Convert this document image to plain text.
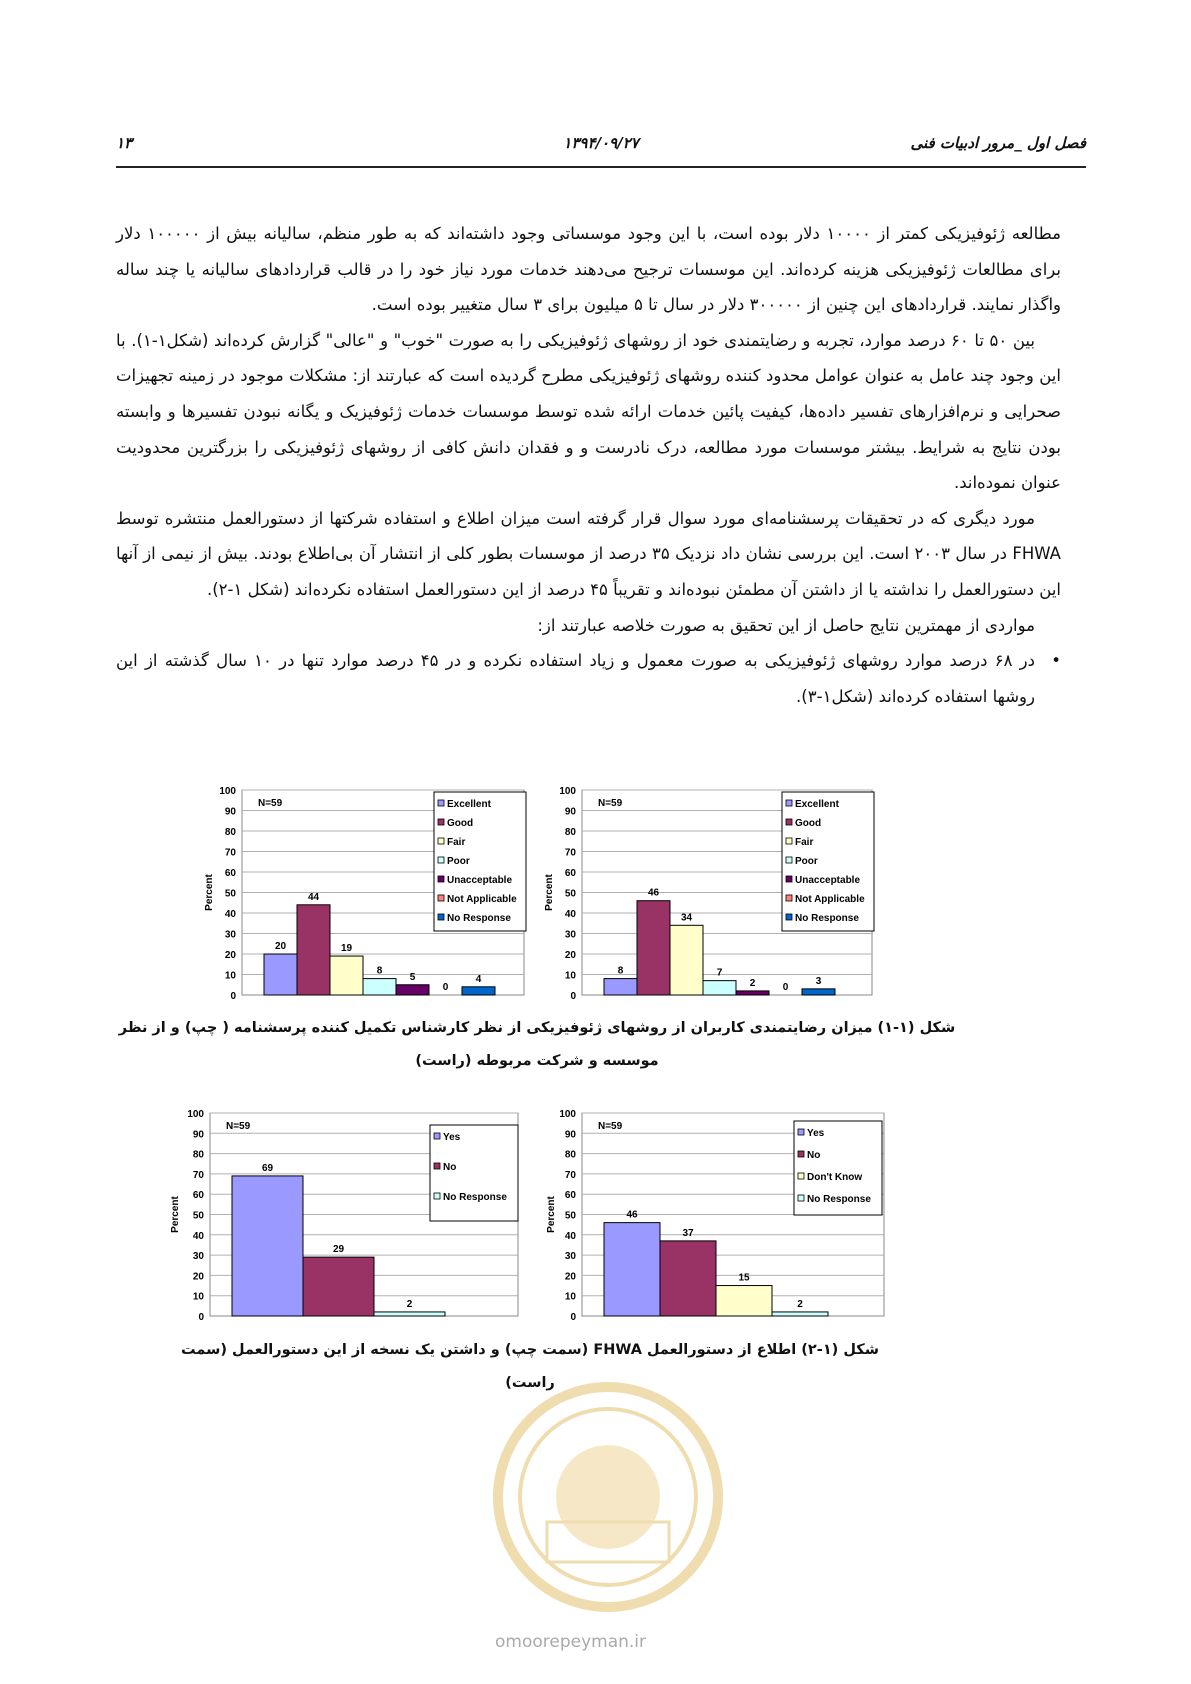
فصل اول _مرور ادبیات فنی
۱۳۹۴/۰۹/۲۷
۱۳

مطالعه ژئوفیزیکی کمتر از ۱۰۰۰۰ دلار بوده است، با این وجود موسساتی وجود داشته‌اند که به طور منظم، سالیانه بیش از ۱۰۰۰۰۰ دلار برای مطالعات ژئوفیزیکی هزینه کرده‌اند. این موسسات ترجیح می‌دهند خدمات مورد نیاز خود را در قالب قراردادهای سالیانه یا چند ساله واگذار نمایند. قراردادهای این چنین از ۳۰۰۰۰۰ دلار در سال تا ۵ میلیون برای ۳ سال متغییر بوده است.

بین ۵۰ تا ۶۰ درصد موارد، تجربه و رضایتمندی خود از روشهای ژئوفیزیکی را به صورت "خوب" و "عالی" گزارش کرده‌اند (شکل۱-۱). با این وجود چند عامل به عنوان عوامل محدود کننده روشهای ژئوفیزیکی مطرح گردیده است که عبارتند از: مشکلات موجود در زمینه تجهیزات صحرایی و نرم‌افزارهای تفسیر داده‌ها، کیفیت پائین خدمات ارائه شده توسط موسسات خدمات ژئوفیزیک و یگانه نبودن تفسیرها و وابسته بودن نتایج به شرایط. بیشتر موسسات مورد مطالعه، درک نادرست و و فقدان دانش کافی از روشهای ژئوفیزیکی را بزرگترین محدودیت عنوان نموده‌اند.

مورد دیگری که در تحقیقات پرسشنامه‌ای مورد سوال قرار گرفته است میزان اطلاع و استفاده شرکتها از دستورالعمل منتشره توسط FHWA در سال ۲۰۰۳ است. این بررسی نشان داد نزدیک ۳۵ درصد از موسسات بطور کلی از انتشار آن بی‌اطلاع بودند. بیش از نیمی از آنها این دستورالعمل را نداشته یا از داشتن آن مطمئن نبوده‌اند و تقریباً ۴۵ درصد از این دستورالعمل استفاده نکرده‌اند (شکل ۱-۲).

مواردی از مهمترین نتایج حاصل از این تحقیق به صورت خلاصه عبارتند از:

•
در ۶۸ درصد موارد روشهای ژئوفیزیکی به صورت معمول و زیاد استفاده نکرده و در ۴۵ درصد موارد تنها در ۱۰ سال گذشته از این روشها استفاده کرده‌اند (شکل۱-۳).

0
10
20
30
40
50
60
70
80
90
100
Percent
N=59
20
44
19
8
5
0
4
Excellent
Good
Fair
Poor
Unacceptable
Not Applicable
No Response
0
10
20
30
40
50
60
70
80
90
100
Percent
N=59
8
46
34
7
2	0
3
Excellent
Good
Fair
Poor
Unacceptable
Not Applicable
No Response
شکل (۱-۱) میزان رضایتمندی کاربران از روشهای ژئوفیزیکی از نظر کارشناس تکمیل کننده پرسشنامه ( چپ) و از نظر موسسه و شرکت مربوطه (راست)
0
10
20
30
40
50
60
70
80
90
100
Percent
N=59
69
29
2
Yes
No
No Response
0
10
20
30
40
50
60
70
80
90
100
Percent
N=59
46
37
15
2
Yes
No
Don't Know
No Response
شکل (۱-۲) اطلاع از دستورالعمل FHWA (سمت چپ) و داشتن یک نسخه از این دستورالعمل (سمت راست)
omoorepeyman.ir
